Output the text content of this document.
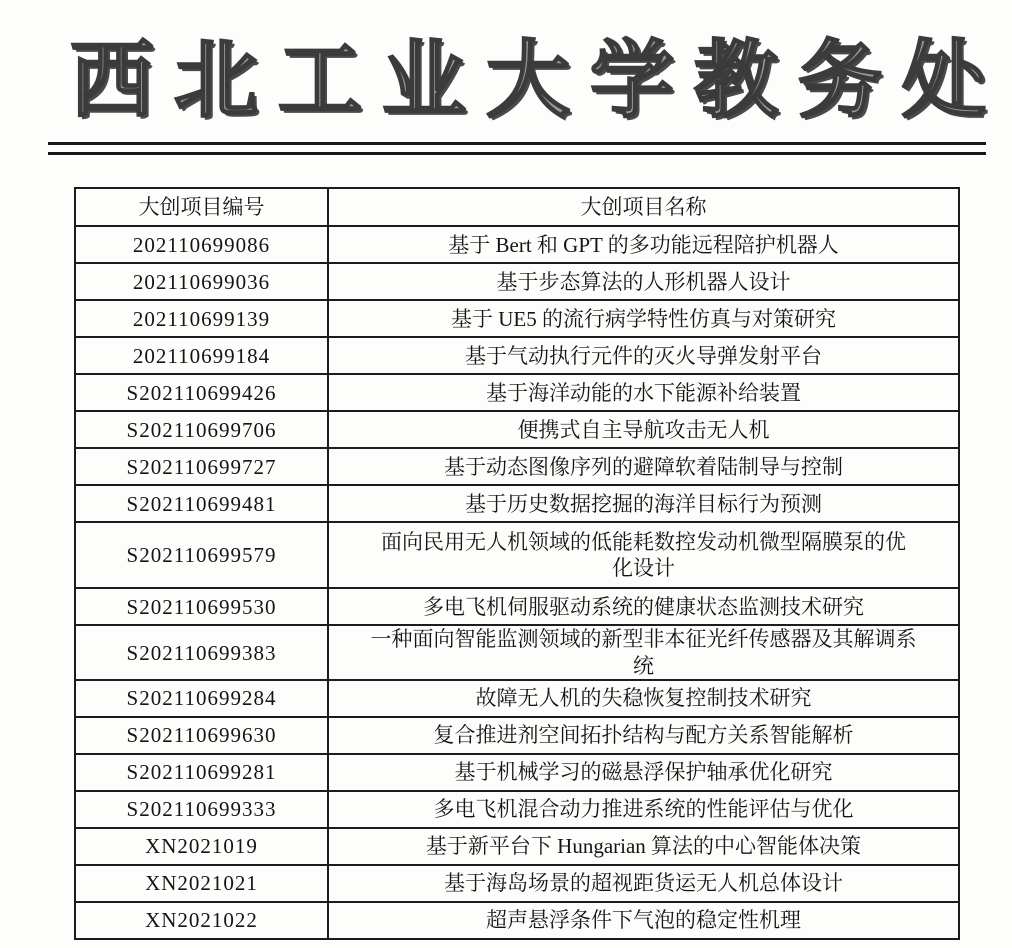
西北工业大学教务处
大创项目编号	大创项目名称
202110699086	基于 Bert 和 GPT 的多功能远程陪护机器人
202110699036	基于步态算法的人形机器人设计
202110699139	基于 UE5 的流行病学特性仿真与对策研究
202110699184	基于气动执行元件的灭火导弹发射平台
S202110699426	基于海洋动能的水下能源补给装置
S202110699706	便携式自主导航攻击无人机
S202110699727	基于动态图像序列的避障软着陆制导与控制
S202110699481	基于历史数据挖掘的海洋目标行为预测
S202110699579	面向民用无人机领域的低能耗数控发动机微型隔膜泵的优化设计
S202110699530	多电飞机伺服驱动系统的健康状态监测技术研究
S202110699383	一种面向智能监测领域的新型非本征光纤传感器及其解调系统
S202110699284	故障无人机的失稳恢复控制技术研究
S202110699630	复合推进剂空间拓扑结构与配方关系智能解析
S202110699281	基于机械学习的磁悬浮保护轴承优化研究
S202110699333	多电飞机混合动力推进系统的性能评估与优化
XN2021019	基于新平台下 Hungarian 算法的中心智能体决策
XN2021021	基于海岛场景的超视距货运无人机总体设计
XN2021022	超声悬浮条件下气泡的稳定性机理
